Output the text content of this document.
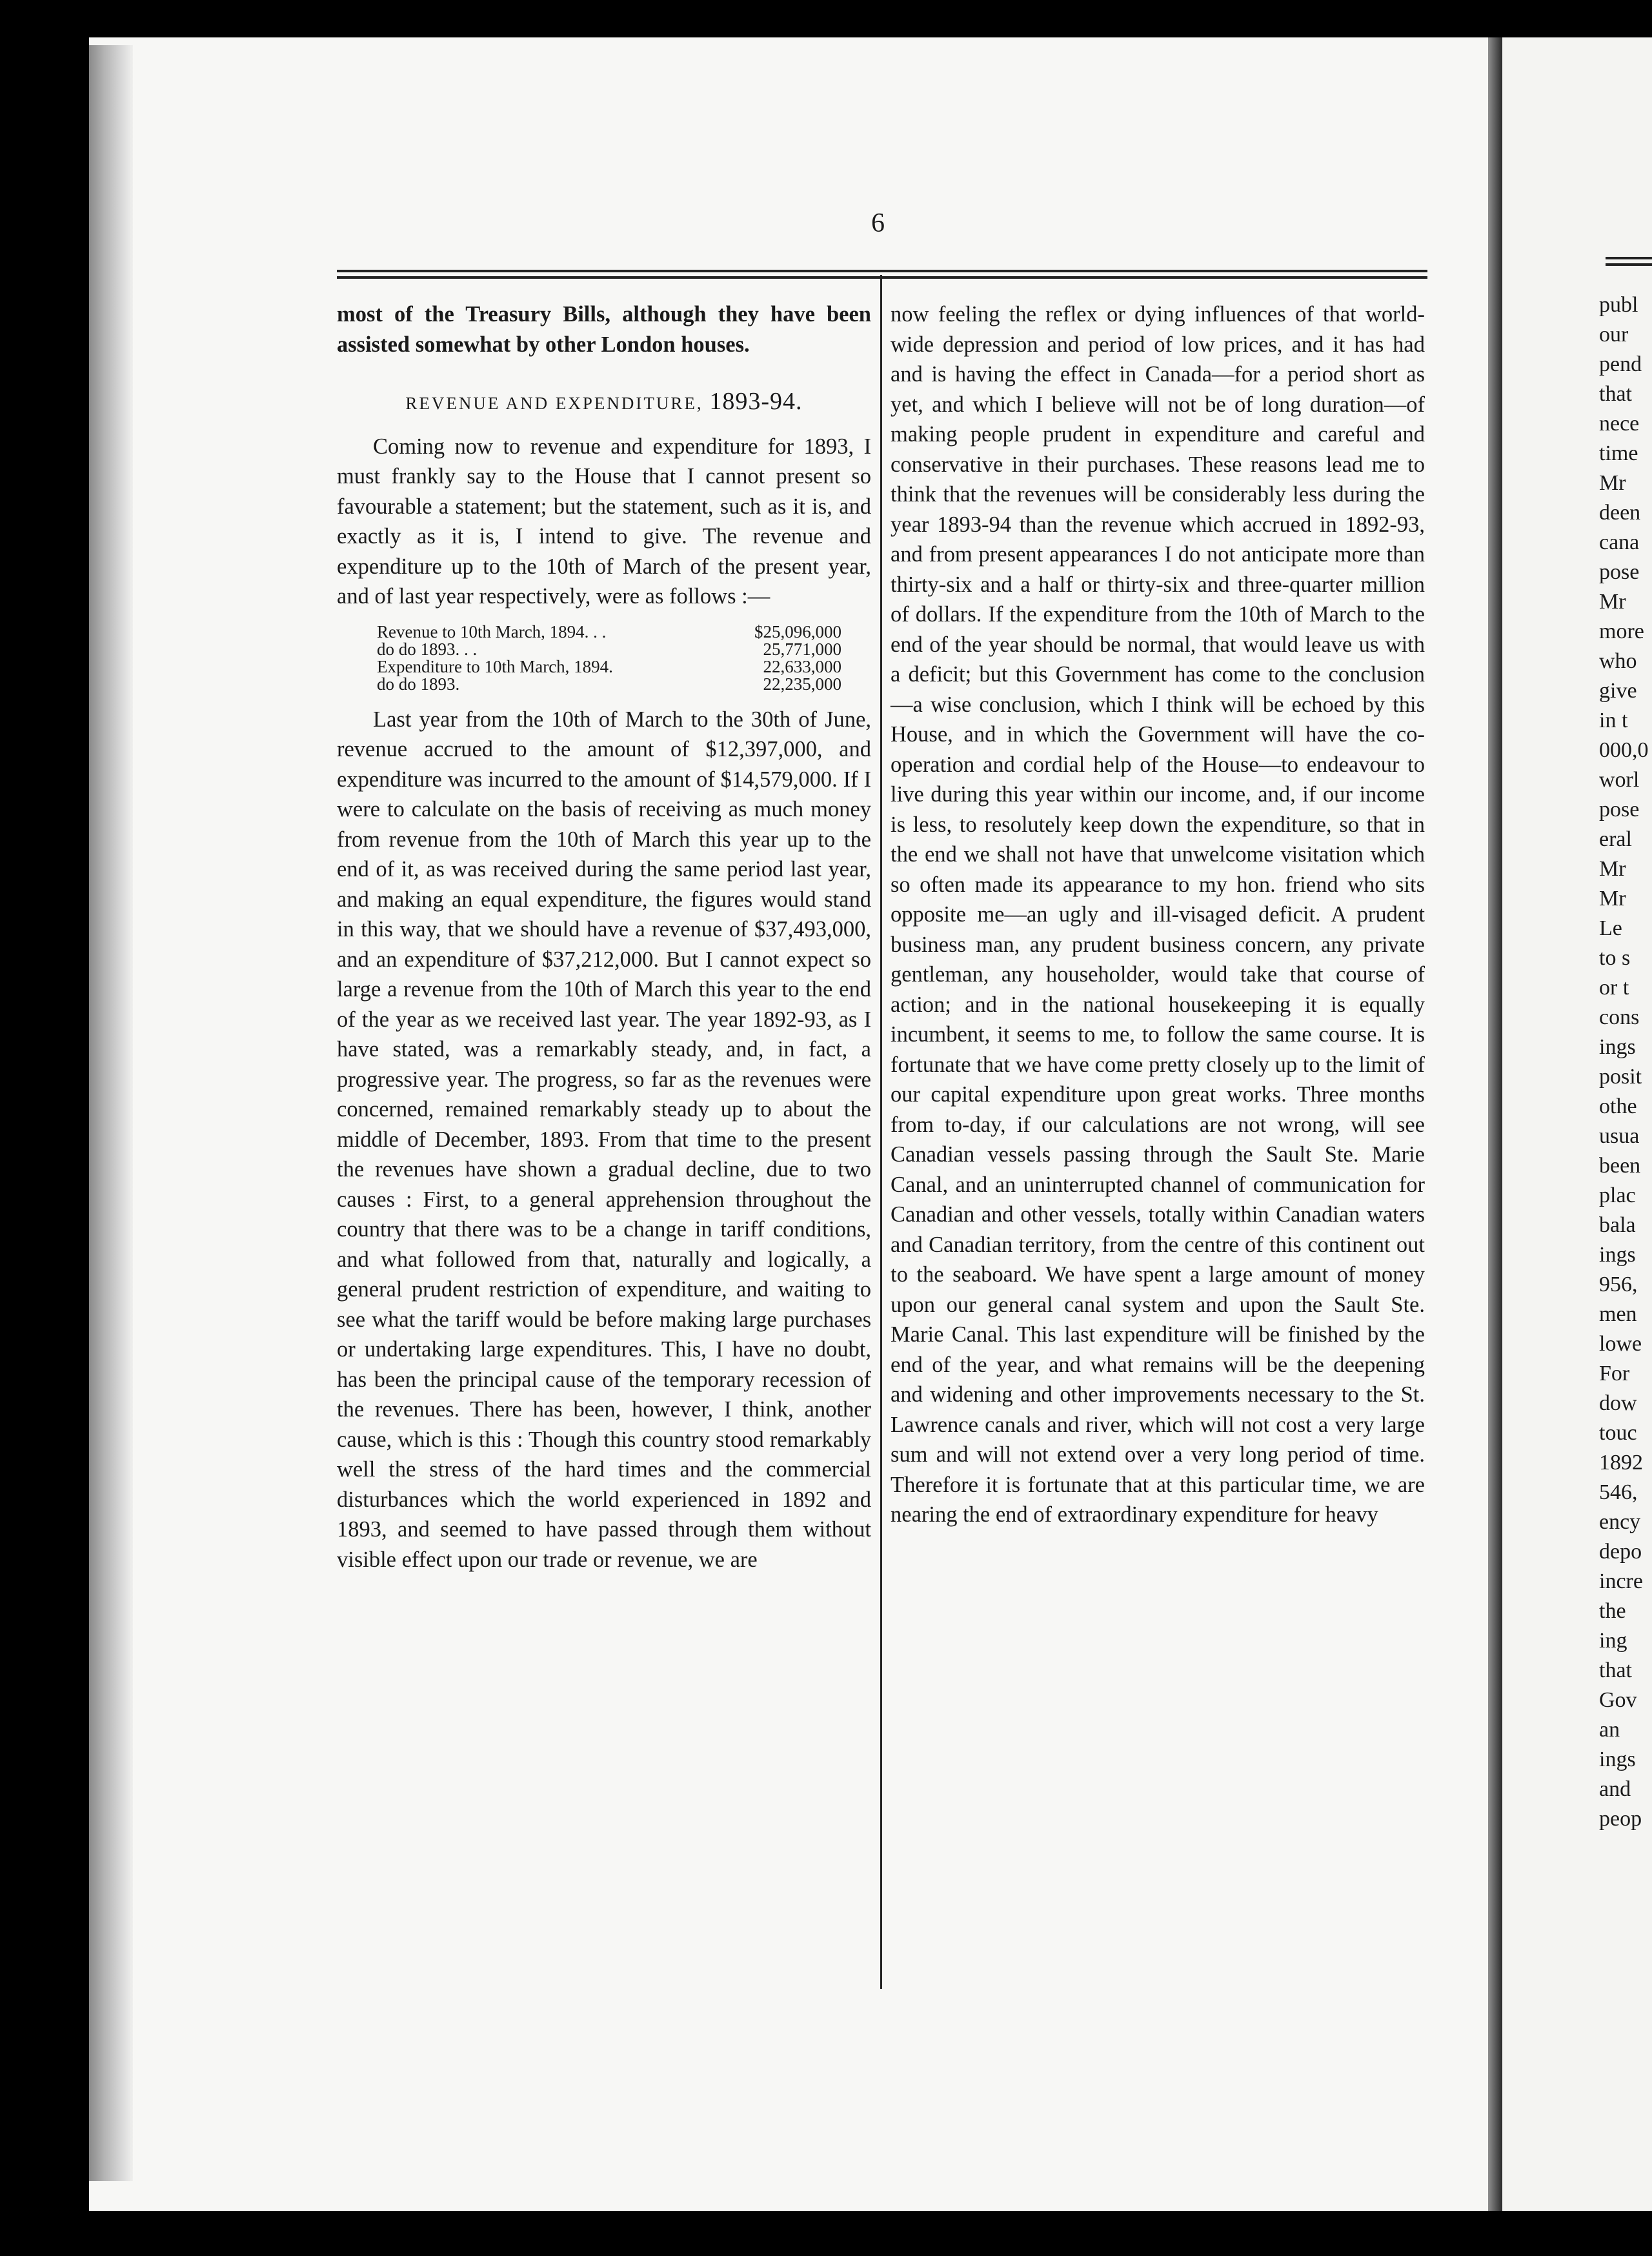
6

most of the Treasury Bills, although they have been assisted somewhat by other London houses.

REVENUE AND EXPENDITURE, 1893-94.

Coming now to revenue and expenditure for 1893, I must frankly say to the House that I cannot present so favourable a statement; but the statement, such as it is, and exactly as it is, I intend to give. The revenue and expenditure up to the 10th of March of the present year, and of last year respectively, were as follows :—

Revenue to 10th March, 1894. . .	$25,096,000
do do 1893. . .	25,771,000
Expenditure to 10th March, 1894.	22,633,000
do do 1893.	22,235,000

Last year from the 10th of March to the 30th of June, revenue accrued to the amount of $12,397,000, and expenditure was incurred to the amount of $14,579,000. If I were to calculate on the basis of receiving as much money from revenue from the 10th of March this year up to the end of it, as was received during the same period last year, and making an equal expenditure, the figures would stand in this way, that we should have a revenue of $37,493,000, and an expenditure of $37,212,000. But I cannot expect so large a revenue from the 10th of March this year to the end of the year as we received last year. The year 1892-93, as I have stated, was a remarkably steady, and, in fact, a progressive year. The progress, so far as the revenues were concerned, remained remarkably steady up to about the middle of December, 1893. From that time to the present the revenues have shown a gradual decline, due to two causes : First, to a general apprehension throughout the country that there was to be a change in tariff conditions, and what followed from that, naturally and logically, a general prudent restriction of expenditure, and waiting to see what the tariff would be before making large purchases or undertaking large expenditures. This, I have no doubt, has been the principal cause of the temporary recession of the revenues. There has been, however, I think, another cause, which is this : Though this country stood remarkably well the stress of the hard times and the commercial disturbances which the world experienced in 1892 and 1893, and seemed to have passed through them without visible effect upon our trade or revenue, we are

now feeling the reflex or dying influences of that world-wide depression and period of low prices, and it has had and is having the effect in Canada—for a period short as yet, and which I believe will not be of long duration—of making people prudent in expenditure and careful and conservative in their purchases. These reasons lead me to think that the revenues will be considerably less during the year 1893-94 than the revenue which accrued in 1892-93, and from present appearances I do not anticipate more than thirty-six and a half or thirty-six and three-quarter million of dollars. If the expenditure from the 10th of March to the end of the year should be normal, that would leave us with a deficit; but this Government has come to the conclusion—a wise conclusion, which I think will be echoed by this House, and in which the Government will have the co-operation and cordial help of the House—to endeavour to live during this year within our income, and, if our income is less, to resolutely keep down the expenditure, so that in the end we shall not have that unwelcome visitation which so often made its appearance to my hon. friend who sits opposite me—an ugly and ill-visaged deficit. A prudent business man, any prudent business concern, any private gentleman, any householder, would take that course of action; and in the national housekeeping it is equally incumbent, it seems to me, to follow the same course. It is fortunate that we have come pretty closely up to the limit of our capital expenditure upon great works. Three months from to-day, if our calculations are not wrong, will see Canadian vessels passing through the Sault Ste. Marie Canal, and an uninterrupted channel of communication for Canadian and other vessels, totally within Canadian waters and Canadian territory, from the centre of this continent out to the seaboard. We have spent a large amount of money upon our general canal system and upon the Sault Ste. Marie Canal. This last expenditure will be finished by the end of the year, and what remains will be the deepening and widening and other improvements necessary to the St. Lawrence canals and river, which will not cost a very large sum and will not extend over a very long period of time. Therefore it is fortunate that at this particular time, we are nearing the end of extraordinary expenditure for heavy

publ
our
pend
that
nece
time
Mr
deen
cana
pose
Mr
more
who
give
in t
000,0
worl
pose
eral
Mr
Mr
Le
to s
or t
cons
ings
posit
othe
usua
been
plac
bala
ings
956,
men
lowe
For
dow
touc
1892
546,
ency
depo
incre
the
ing
that
Gov
an
ings
and
peop
